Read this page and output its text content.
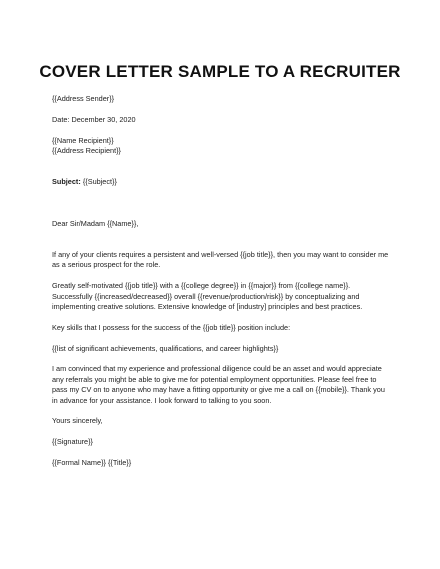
COVER LETTER SAMPLE TO A RECRUITER

{{Address Sender}}

Date: December 30, 2020

{{Name Recipient}}

{{Address Recipient}}

Subject: {{Subject}}

Dear Sir/Madam {{Name}},

If any of your clients requires a persistent and well-versed {{job title}}, then you may want to consider me

as a serious prospect for the role.

Greatly self-motivated {{job title}} with a {{college degree}} in {{major}} from {{college name}}.

Successfully {{increased/decreased}} overall {{revenue/production/risk}} by conceptualizing and

implementing creative solutions. Extensive knowledge of [industry] principles and best practices.

Key skills that I possess for the success of the {{job title}} position include:

{{list of significant achievements, qualifications, and career highlights}}

I am convinced that my experience and professional diligence could be an asset and would appreciate

any referrals you might be able to give me for potential employment opportunities. Please feel free to

pass my CV on to anyone who may have a fitting opportunity or give me a call on {{mobile}}. Thank you

in advance for your assistance. I look forward to talking to you soon.

Yours sincerely,

{{Signature}}

{{Formal Name}} {{Title}}
